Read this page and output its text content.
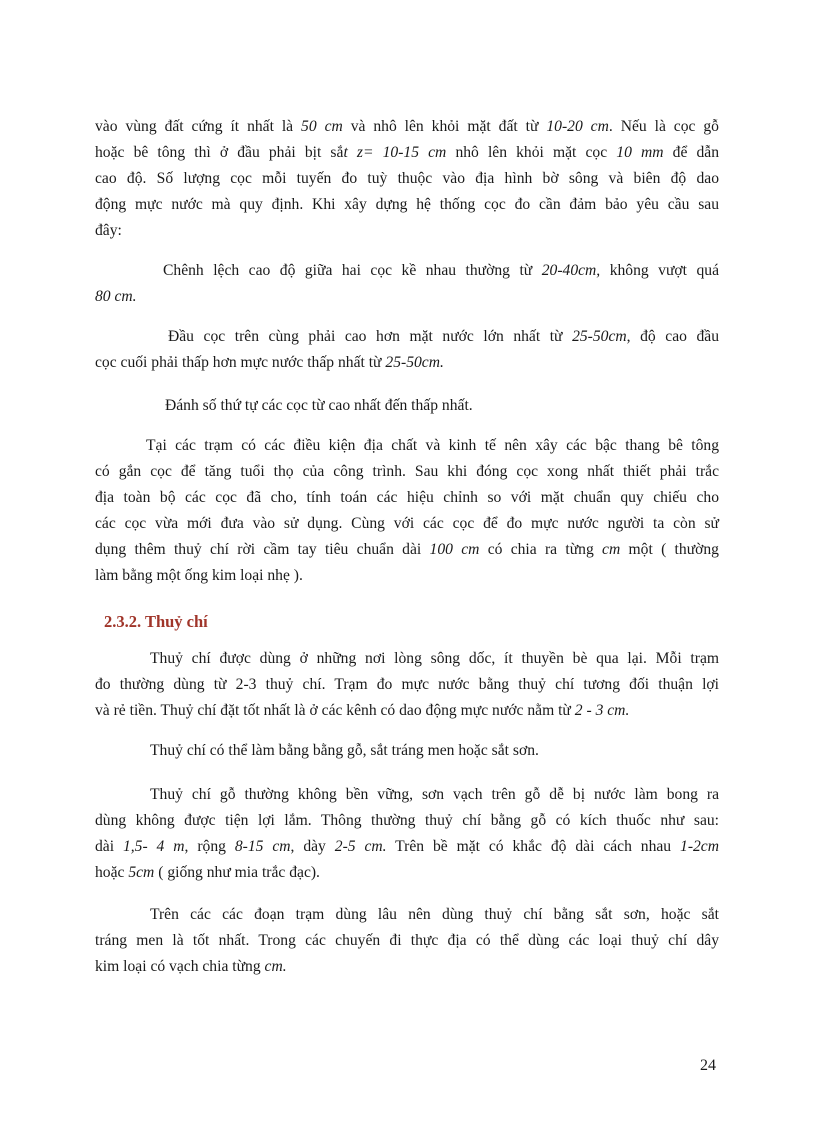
vào vùng đất cứng ít nhất là 50 cm và nhô lên khỏi mặt đất từ 10-20 cm. Nếu là cọc gỗ
hoặc bê tông thì ở đầu phải bịt sắt z= 10-15 cm nhô lên khỏi mặt cọc 10 mm để dẫn
cao độ. Số lượng cọc mỗi tuyến đo tuỳ thuộc vào địa hình bờ sông và biên độ dao
động mực nước mà quy định. Khi xây dựng hệ thống cọc đo cần đảm bảo yêu cầu sau
đây:
Chênh lệch cao độ giữa hai cọc kề nhau thường từ 20-40cm, không vượt quá
80 cm.
Đầu cọc trên cùng phải cao hơn mặt nước lớn nhất từ 25-50cm, độ cao đầu
cọc cuối phải thấp hơn mực nước thấp nhất từ 25-50cm.
Đánh số thứ tự các cọc từ cao nhất đến thấp nhất.
Tại các trạm có các điều kiện địa chất và kinh tế nên xây các bậc thang bê tông
có gắn cọc để tăng tuổi thọ của công trình. Sau khi đóng cọc xong nhất thiết phải trắc
địa toàn bộ các cọc đã cho, tính toán các hiệu chỉnh so với mặt chuẩn quy chiếu cho
các cọc vừa mới đưa vào sử dụng. Cùng với các cọc để đo mực nước người ta còn sử
dụng thêm thuỷ chí rời cầm tay tiêu chuẩn dài 100 cm có chia ra từng cm một ( thường
làm bằng một ống kim loại nhẹ ).
Thuỷ chí được dùng ở những nơi lòng sông dốc, ít thuyền bè qua lại. Mỗi trạm
đo thường dùng từ 2-3 thuỷ chí. Trạm đo mực nước bằng thuỷ chí tương đối thuận lợi
và rẻ tiền. Thuỷ chí đặt tốt nhất là ở các kênh có dao động mực nước nằm từ 2 - 3 cm.
Thuỷ chí có thể làm bằng bằng gỗ, sắt tráng men hoặc sắt sơn.
Thuỷ chí gỗ thường không bền vững, sơn vạch trên gỗ dễ bị nước làm bong ra
dùng không được tiện lợi lắm. Thông thường thuỷ chí bằng gỗ có kích thuốc như sau:
dài 1,5- 4 m, rộng 8-15 cm, dày 2-5 cm. Trên bề mặt có khắc độ dài cách nhau 1-2cm
hoặc 5cm ( giống như mia trắc đạc).
Trên các các đoạn trạm dùng lâu nên dùng thuỷ chí bằng sắt sơn, hoặc sắt
tráng men là tốt nhất. Trong các chuyến đi thực địa có thể dùng các loại thuỷ chí dây
kim loại có vạch chia từng cm.
2.3.2. Thuỷ chí
24
